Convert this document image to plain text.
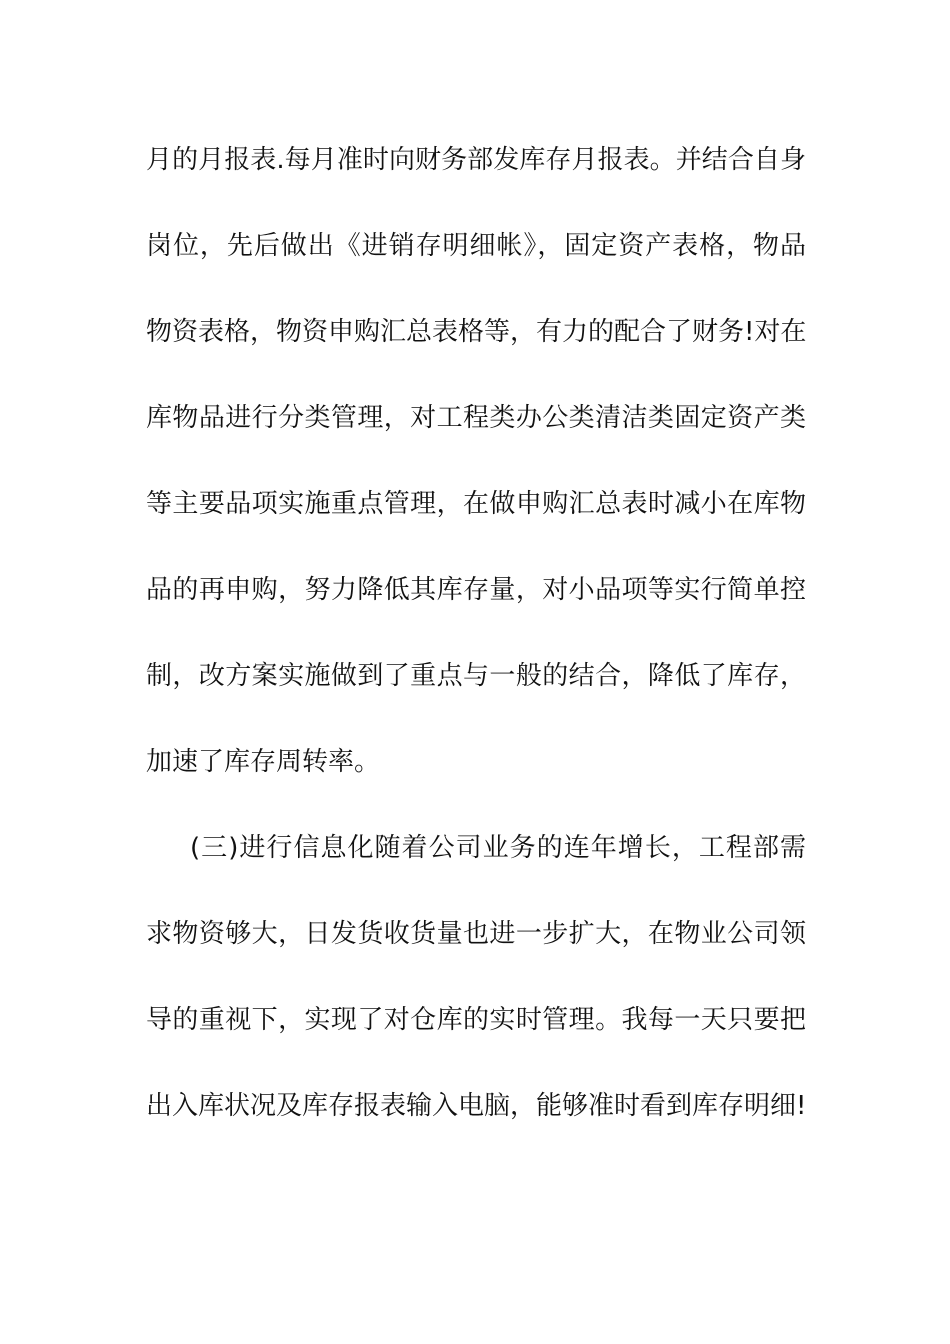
月的月报表.每月准时向财务部发库存月报表。并结合自身
岗位，先后做出《进销存明细帐》，固定资产表格，物品
物资表格，物资申购汇总表格等，有力的配合了财务!对在
库物品进行分类管理，对工程类办公类清洁类固定资产类
等主要品项实施重点管理，在做申购汇总表时减小在库物
品的再申购，努力降低其库存量，对小品项等实行简单控
制，改方案实施做到了重点与一般的结合，降低了库存，
加速了库存周转率。
(三)进行信息化随着公司业务的连年增长，工程部需
求物资够大，日发货收货量也进一步扩大，在物业公司领
导的重视下，实现了对仓库的实时管理。我每一天只要把
出入库状况及库存报表输入电脑，能够准时看到库存明细!
